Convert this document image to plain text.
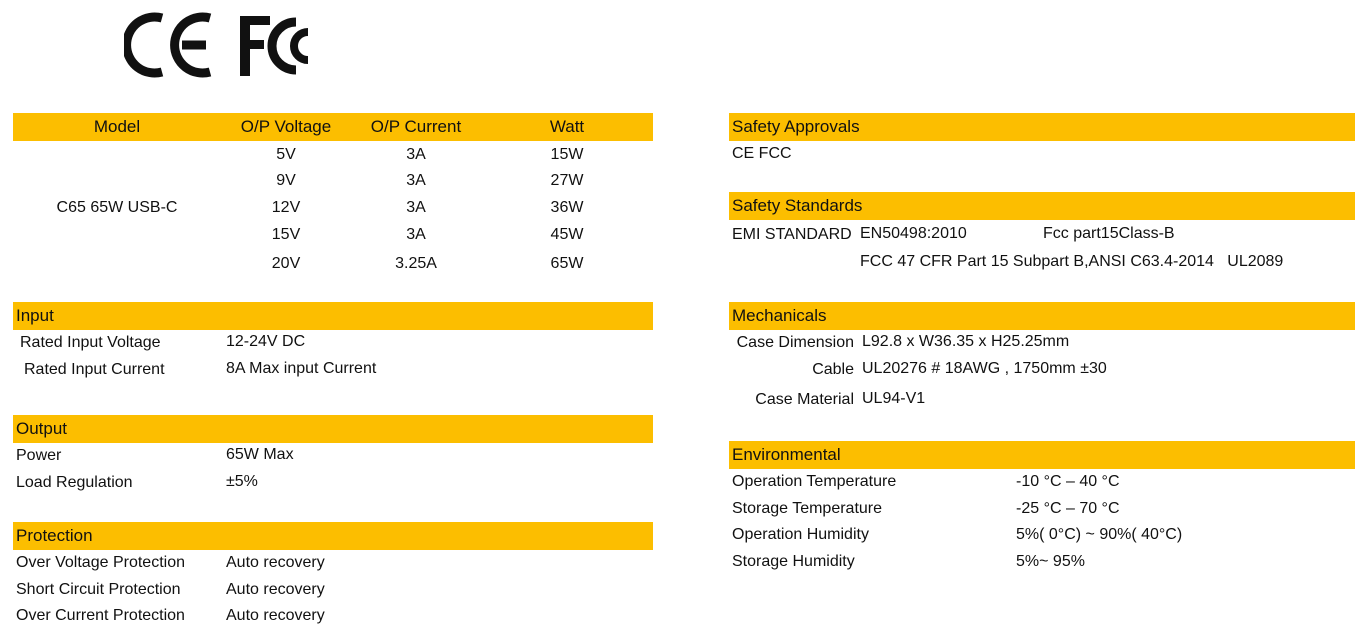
Model	O/P Voltage	O/P Current	Watt
C65 65W USB-C
5V	3A	15W
9V	3A	27W
12V	3A	36W
15V	3A	45W
20V	3.25A	65W
Input
Rated Input Voltage	12-24V DC
Rated Input Current	8A Max input Current
Output
Power	65W Max
Load Regulation	±5%
Protection
Over Voltage Protection	Auto recovery
Short Circuit Protection	Auto recovery
Over Current Protection	Auto recovery
Safety Approvals
CE FCC
Safety Standards
EMI STANDARD EN50498:2010	Fcc part15Class-B
FCC 47 CFR Part 15 Subpart B,ANSI C63.4-2014   UL2089
Mechanicals
Case Dimension L92.8 x W36.35 x H25.25mm
Cable UL20276 # 18AWG , 1750mm ±30
Case Material UL94-V1
Environmental
Operation Temperature	-10 °C – 40 °C
Storage Temperature	-25 °C – 70 °C
Operation Humidity	5%( 0°C) ~ 90%( 40°C)
Storage Humidity	5%~ 95%
